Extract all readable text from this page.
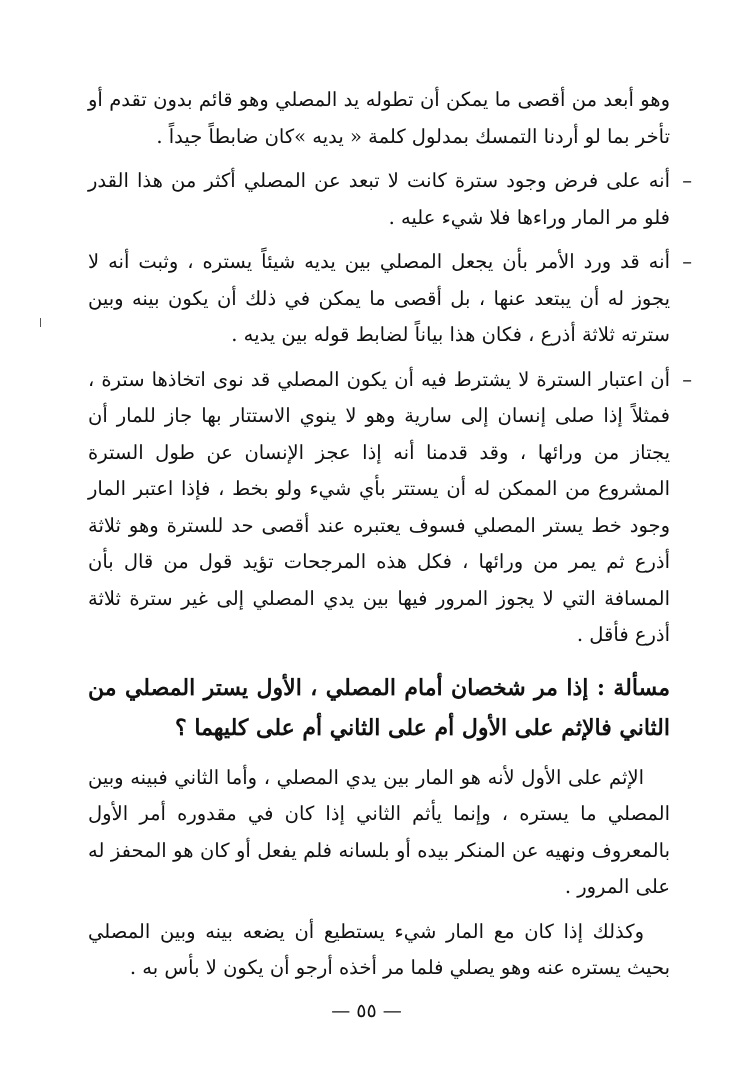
وهو أبعد من أقصى ما يمكن أن تطوله يد المصلي وهو قائم بدون تقدم أو تأخر بما لو أردنا التمسك بمدلول كلمة « يديه »كان ضابطاً جيداً .

–
أنه على فرض وجود سترة كانت لا تبعد عن المصلي أكثر من هذا القدر فلو مر المار وراءها فلا شيء عليه .
–
أنه قد ورد الأمر بأن يجعل المصلي بين يديه شيئاً يستره ، وثبت أنه لا يجوز له أن يبتعد عنها ، بل أقصى ما يمكن في ذلك أن يكون بينه وبين سترته ثلاثة أذرع ، فكان هذا بياناً لضابط قوله بين يديه .
–
أن اعتبار السترة لا يشترط فيه أن يكون المصلي قد نوى اتخاذها سترة ، فمثلاً إذا صلى إنسان إلى سارية وهو لا ينوي الاستتار بها جاز للمار أن يجتاز من ورائها ، وقد قدمنا أنه إذا عجز الإنسان عن طول السترة المشروع من الممكن له أن يستتر بأي شيء ولو بخط ، فإذا اعتبر المار وجود خط يستر المصلي فسوف يعتبره عند أقصى حد للسترة وهو ثلاثة أذرع ثم يمر من ورائها ، فكل هذه المرجحات تؤيد قول من قال بأن المسافة التي لا يجوز المرور فيها بين يدي المصلي إلى غير سترة ثلاثة أذرع فأقل .

مسألة : إذا مر شخصان أمام المصلي ، الأول يستر المصلي من الثاني فالإثم على الأول أم على الثاني أم على كليهما ؟

الإثم على الأول لأنه هو المار بين يدي المصلي ، وأما الثاني فبينه وبين المصلي ما يستره ، وإنما يأثم الثاني إذا كان في مقدوره أمر الأول بالمعروف ونهيه عن المنكر بيده أو بلسانه فلم يفعل أو كان هو المحفز له على المرور .

وكذلك إذا كان مع المار شيء يستطيع أن يضعه بينه وبين المصلي بحيث يستره عنه وهو يصلي فلما مر أخذه أرجو أن يكون لا بأس به .

— ٥٥ —
